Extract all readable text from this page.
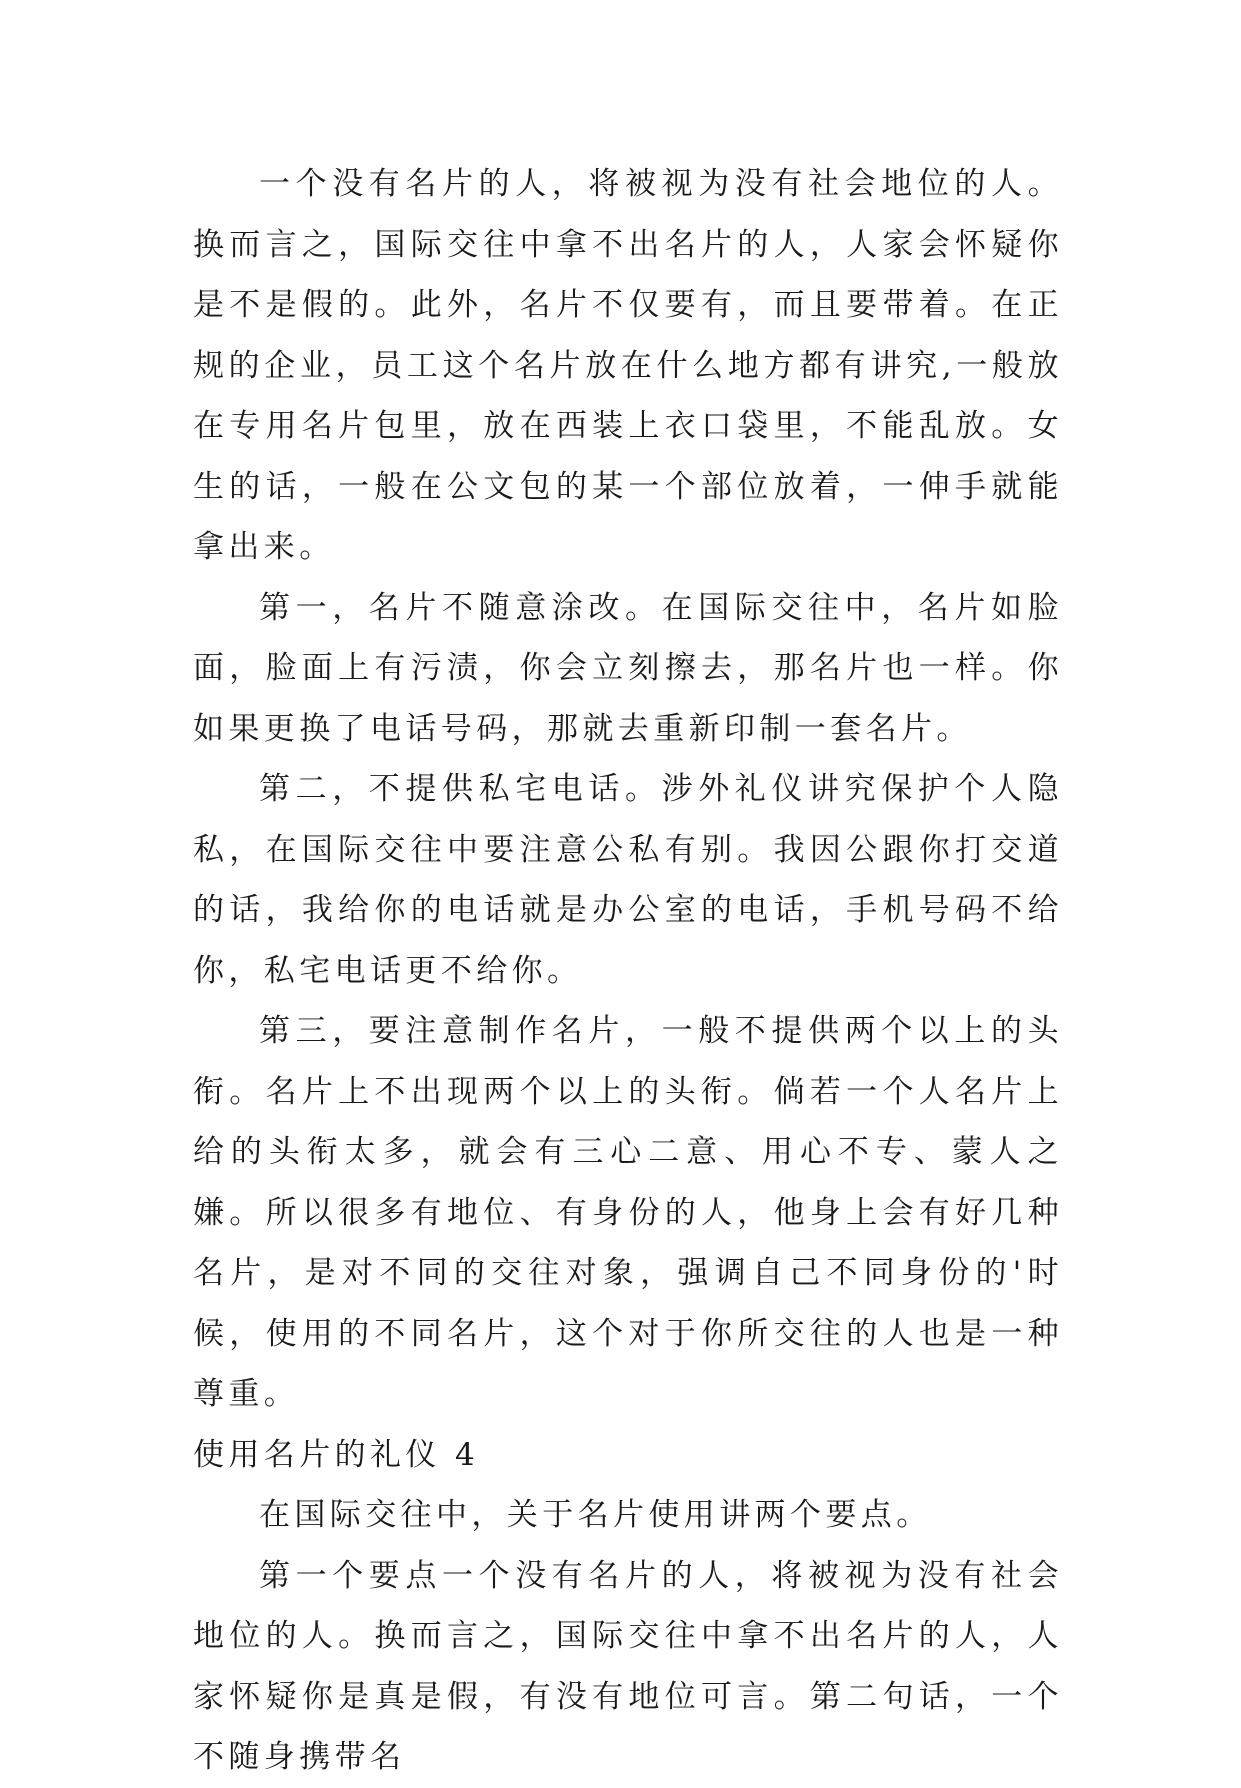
一个没有名片的人，将被视为没有社会地位的人。换而言之，国际交往中拿不出名片的人，人家会怀疑你是不是假的。此外，名片不仅要有，而且要带着。在正规的企业，员工这个名片放在什么地方都有讲究,一般放在专用名片包里，放在西装上衣口袋里，不能乱放。女生的话，一般在公文包的某一个部位放着，一伸手就能拿出来。

第一，名片不随意涂改。在国际交往中，名片如脸面，脸面上有污渍，你会立刻擦去，那名片也一样。你如果更换了电话号码，那就去重新印制一套名片。

第二，不提供私宅电话。涉外礼仪讲究保护个人隐私，在国际交往中要注意公私有别。我因公跟你打交道的话，我给你的电话就是办公室的电话，手机号码不给你，私宅电话更不给你。

第三，要注意制作名片，一般不提供两个以上的头衔。名片上不出现两个以上的头衔。倘若一个人名片上给的头衔太多，就会有三心二意、用心不专、蒙人之嫌。所以很多有地位、有身份的人，他身上会有好几种名片，是对不同的交往对象，强调自己不同身份的'时候，使用的不同名片，这个对于你所交往的人也是一种尊重。

使用名片的礼仪 4

在国际交往中，关于名片使用讲两个要点。

第一个要点一个没有名片的人，将被视为没有社会地位的人。换而言之，国际交往中拿不出名片的人，人家怀疑你是真是假，有没有地位可言。第二句话，一个不随身携带名
